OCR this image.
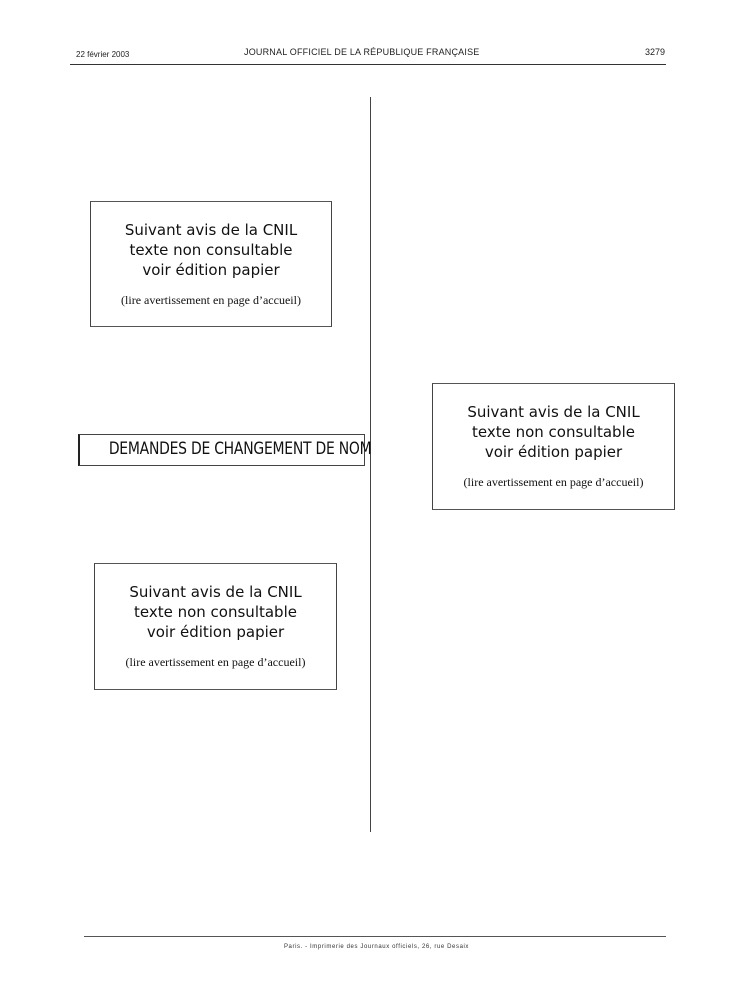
22 février 2003	JOURNAL OFFICIEL DE LA RÉPUBLIQUE FRANÇAISE	3279
Suivant avis de la CNIL
texte non consultable
voir édition papier
(lire avertissement en page d’accueil)
DEMANDES DE CHANGEMENT DE NOM
Suivant avis de la CNIL
texte non consultable
voir édition papier
(lire avertissement en page d’accueil)
Suivant avis de la CNIL
texte non consultable
voir édition papier
(lire avertissement en page d’accueil)
Paris. - Imprimerie des Journaux officiels, 26, rue Desaix
